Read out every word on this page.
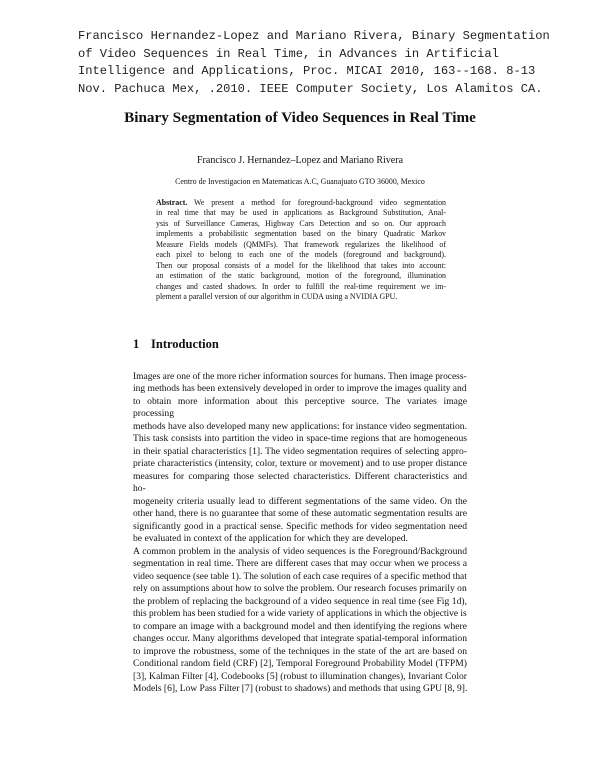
Francisco Hernandez-Lopez and Mariano Rivera, Binary Segmentation
of Video Sequences in Real Time, in Advances in Artificial
Intelligence and Applications, Proc. MICAI 2010, 163--168. 8-13
Nov. Pachuca Mex, .2010. IEEE Computer Society, Los Alamitos CA.
Binary Segmentation of Video Sequences in Real Time
Francisco J. Hernandez–Lopez and Mariano Rivera
Centro de Investigacion en Matematicas A.C, Guanajuato GTO 36000, Mexico
Abstract. We present a method for foreground-background video segmentation
in real time that may be used in applications as Background Substitution, Anal-
ysis of Surveillance Cameras, Highway Cars Detection and so on. Our approach
implements a probabilistic segmentation based on the binary Quadratic Markov
Measure Fields models (QMMFs). That framework regularizes the likelihood of
each pixel to belong to each one of the models (foreground and background).
Then our proposal consists of a model for the likelihood that takes into account:
an estimation of the static background, motion of the foreground, illumination
changes and casted shadows. In order to fulfill the real-time requirement we im-
plement a parallel version of our algorithm in CUDA using a NVIDIA GPU.
1 Introduction
Images are one of the more richer information sources for humans. Then image process-
ing methods has been extensively developed in order to improve the images quality and
to obtain more information about this perceptive source. The variates image processing
methods have also developed many new applications: for instance video segmentation.
This task consists into partition the video in space-time regions that are homogeneous
in their spatial characteristics [1]. The video segmentation requires of selecting appro-
priate characteristics (intensity, color, texture or movement) and to use proper distance
measures for comparing those selected characteristics. Different characteristics and ho-
mogeneity criteria usually lead to different segmentations of the same video. On the
other hand, there is no guarantee that some of these automatic segmentation results are
significantly good in a practical sense. Specific methods for video segmentation need
be evaluated in context of the application for which they are developed.
A common problem in the analysis of video sequences is the Foreground/Background
segmentation in real time. There are different cases that may occur when we process a
video sequence (see table 1). The solution of each case requires of a specific method that
rely on assumptions about how to solve the problem. Our research focuses primarily on
the problem of replacing the background of a video sequence in real time (see Fig 1d),
this problem has been studied for a wide variety of applications in which the objective is
to compare an image with a background model and then identifying the regions where
changes occur. Many algorithms developed that integrate spatial-temporal information
to improve the robustness, some of the techniques in the state of the art are based on
Conditional random field (CRF) [2], Temporal Foreground Probability Model (TFPM)
[3], Kalman Filter [4], Codebooks [5] (robust to illumination changes), Invariant Color
Models [6], Low Pass Filter [7] (robust to shadows) and methods that using GPU [8, 9].
